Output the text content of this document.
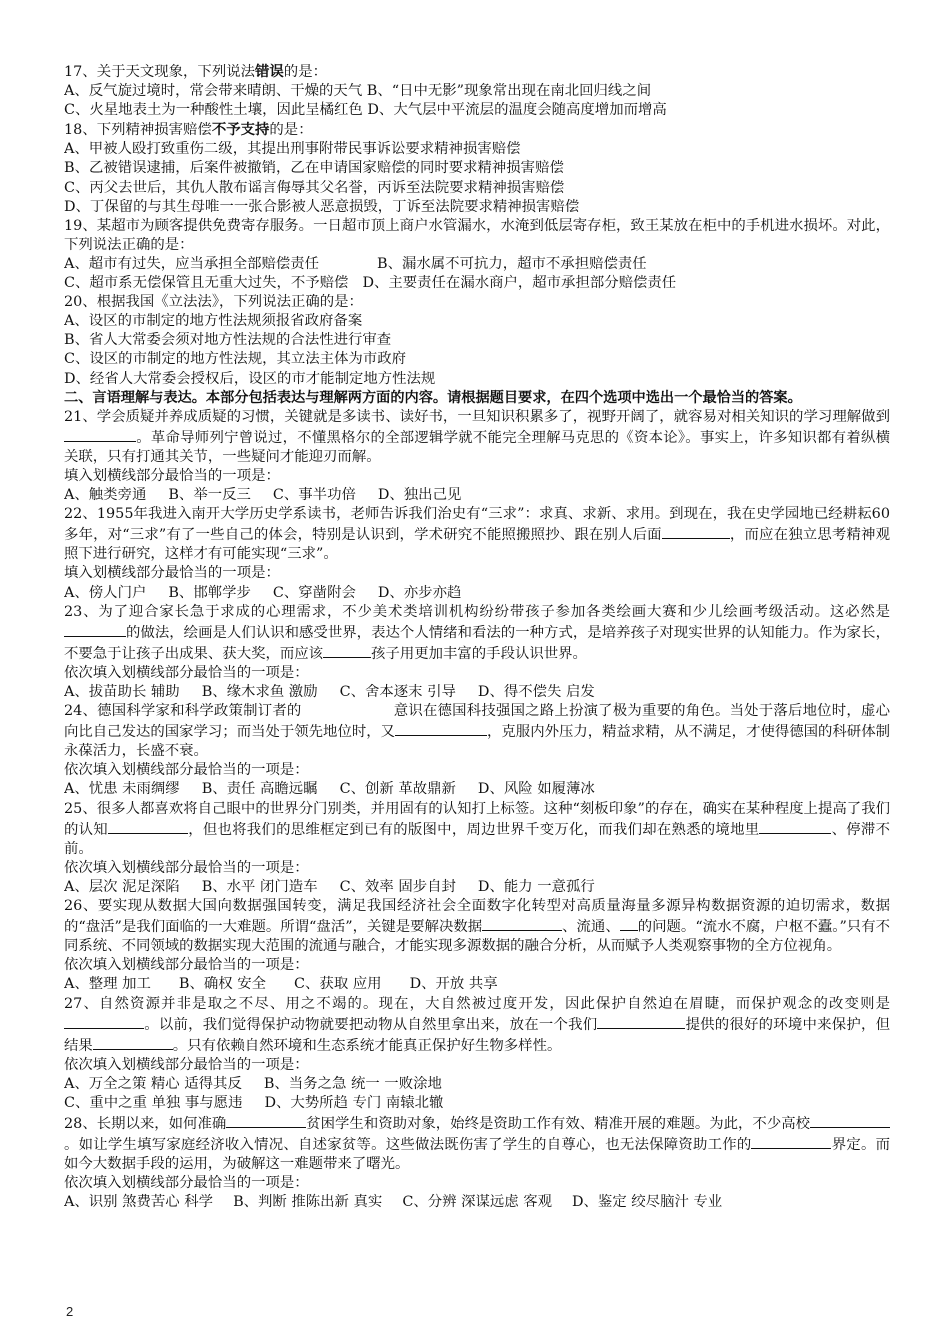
17、关于天文现象，下列说法错误的是：
A、反气旋过境时，常会带来晴朗、干燥的天气 B、“日中无影”现象常出现在南北回归线之间
C、火星地表土为一种酸性土壤，因此呈橘红色 D、大气层中平流层的温度会随高度增加而增高
18、下列精神损害赔偿不予支持的是：
A、甲被人殴打致重伤二级，其提出刑事附带民事诉讼要求精神损害赔偿
B、乙被错误逮捕，后案件被撤销，乙在申请国家赔偿的同时要求精神损害赔偿
C、丙父去世后，其仇人散布谣言侮辱其父名誉，丙诉至法院要求精神损害赔偿
D、丁保留的与其生母唯一一张合影被人恶意损毁，丁诉至法院要求精神损害赔偿
19、某超市为顾客提供免费寄存服务。一日超市顶上商户水管漏水，水淹到低层寄存柜，致王某放在柜中的手机进水损坏。对此，下列说法正确的是：
A、超市有过失，应当承担全部赔偿责任	B、漏水属不可抗力，超市不承担赔偿责任
C、超市系无偿保管且无重大过失，不予赔偿 D、主要责任在漏水商户，超市承担部分赔偿责任
20、根据我国《立法法》，下列说法正确的是：
A、设区的市制定的地方性法规须报省政府备案
B、省人大常委会须对地方性法规的合法性进行审查
C、设区的市制定的地方性法规，其立法主体为市政府
D、经省人大常委会授权后，设区的市才能制定地方性法规
二、言语理解与表达。本部分包括表达与理解两方面的内容。请根据题目要求，在四个选项中选出一个最恰当的答案。
21、学会质疑并养成质疑的习惯，关键就是多读书、读好书，一旦知识积累多了，视野开阔了，就容易对相关知识的学习理解做到。革命导师列宁曾说过，不懂黑格尔的全部逻辑学就不能完全理解马克思的《资本论》。事实上，许多知识都有着纵横关联，只有打通其关节，一些疑问才能迎刃而解。
填入划横线部分最恰当的一项是：
A、触类旁通 B、举一反三 C、事半功倍 D、独出己见
22、1955年我进入南开大学历史学系读书，老师告诉我们治史有“三求”：求真、求新、求用。到现在，我在史学园地已经耕耘60多年，对“三求”有了一些自己的体会，特别是认识到，学术研究不能照搬照抄、跟在别人后面	，而应在独立思考精神观照下进行研究，这样才有可能实现“三求”。
填入划横线部分最恰当的一项是：
A、傍人门户 B、邯郸学步 C、穿凿附会 D、亦步亦趋
23、为了迎合家长急于求成的心理需求，不少美术类培训机构纷纷带孩子参加各类绘画大赛和少儿绘画考级活动。这必然是的做法，绘画是人们认识和感受世界，表达个人情绪和看法的一种方式，是培养孩子对现实世界的认知能力。作为家长，不要急于让孩子出成果、获大奖，而应该	孩子用更加丰富的手段认识世界。
依次填入划横线部分最恰当的一项是：
A、拔苗助长 辅助 B、缘木求鱼 激励 C、舍本逐末 引导 D、得不偿失 启发
24、德国科学家和科学政策制订者的	意识在德国科技强国之路上扮演了极为重要的角色。当处于落后地位时，虚心向比自己发达的国家学习；而当处于领先地位时，又	，克服内外压力，精益求精，从不满足，才使得德国的科研体制永葆活力，长盛不衰。
依次填入划横线部分最恰当的一项是：
A、忧患 未雨绸缪 B、责任 高瞻远瞩 C、创新 革故鼎新 D、风险 如履薄冰
25、很多人都喜欢将自己眼中的世界分门别类，并用固有的认知打上标签。这种“刻板印象”的存在，确实在某种程度上提高了我们的认知	，但也将我们的思维框定到已有的版图中，周边世界千变万化，而我们却在熟悉的境地里	、停滞不前。
依次填入划横线部分最恰当的一项是：
A、层次 泥足深陷 B、水平 闭门造车 C、效率 固步自封 D、能力 一意孤行
26、要实现从数据大国向数据强国转变，满足我国经济社会全面数字化转型对高质量海量多源异构数据资源的迫切需求，数据的“盘活”是我们面临的一大难题。所谓“盘活”，关键是要解决数据	、流通、 的问题。“流水不腐，户枢不蠹。”只有不同系统、不同领域的数据实现大范围的流通与融合，才能实现多源数据的融合分析，从而赋予人类观察事物的全方位视角。
依次填入划横线部分最恰当的一项是：
A、整理 加工 B、确权 安全 C、获取 应用 D、开放 共享
27、自然资源并非是取之不尽、用之不竭的。现在，大自然被过度开发，因此保护自然迫在眉睫，而保护观念的改变则是。以前，我们觉得保护动物就要把动物从自然里拿出来，放在一个我们	提供的很好的环境中来保护，但结果	。只有依赖自然环境和生态系统才能真正保护好生物多样性。
依次填入划横线部分最恰当的一项是：
A、万全之策 精心 适得其反 B、当务之急 统一 一败涂地
C、重中之重 单独 事与愿违 D、大势所趋 专门 南辕北辙
28、长期以来，如何准确	贫困学生和资助对象，始终是资助工作有效、精准开展的难题。为此，不少高校。如让学生填写家庭经济收入情况、自述家贫等。这些做法既伤害了学生的自尊心，也无法保障资助工作的	界定。而如今大数据手段的运用，为破解这一难题带来了曙光。
依次填入划横线部分最恰当的一项是：
A、识别 煞费苦心 科学 B、判断 推陈出新 真实 C、分辨 深谋远虑 客观 D、鉴定 绞尽脑汁 专业
2
